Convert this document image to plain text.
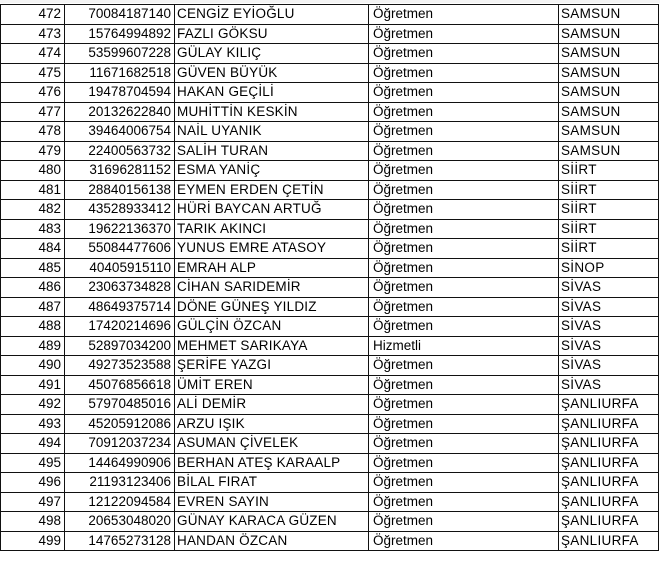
472	70084187140	CENGİZ EYİOĞLU	Öğretmen	SAMSUN
473	15764994892	FAZLI GÖKSU	Öğretmen	SAMSUN
474	53599607228	GÜLAY KILIÇ	Öğretmen	SAMSUN
475	11671682518	GÜVEN BÜYÜK	Öğretmen	SAMSUN
476	19478704594	HAKAN GEÇİLİ	Öğretmen	SAMSUN
477	20132622840	MUHİTTİN KESKİN	Öğretmen	SAMSUN
478	39464006754	NAİL UYANIK	Öğretmen	SAMSUN
479	22400563732	SALİH TURAN	Öğretmen	SAMSUN
480	31696281152	ESMA YANİÇ	Öğretmen	SİİRT
481	28840156138	EYMEN ERDEN ÇETİN	Öğretmen	SİİRT
482	43528933412	HÜRİ BAYCAN ARTUĞ	Öğretmen	SİİRT
483	19622136370	TARIK AKINCI	Öğretmen	SİİRT
484	55084477606	YUNUS EMRE ATASOY	Öğretmen	SİİRT
485	40405915110	EMRAH ALP	Öğretmen	SİNOP
486	23063734828	CİHAN SARIDEMİR	Öğretmen	SİVAS
487	48649375714	DÖNE GÜNEŞ YILDIZ	Öğretmen	SİVAS
488	17420214696	GÜLÇİN ÖZCAN	Öğretmen	SİVAS
489	52897034200	MEHMET SARIKAYA	Hizmetli	SİVAS
490	49273523588	ŞERİFE YAZGI	Öğretmen	SİVAS
491	45076856618	ÜMİT EREN	Öğretmen	SİVAS
492	57970485016	ALİ DEMİR	Öğretmen	ŞANLIURFA
493	45205912086	ARZU IŞIK	Öğretmen	ŞANLIURFA
494	70912037234	ASUMAN ÇİVELEK	Öğretmen	ŞANLIURFA
495	14464990906	BERHAN ATEŞ KARAALP	Öğretmen	ŞANLIURFA
496	21193123406	BİLAL FIRAT	Öğretmen	ŞANLIURFA
497	12122094584	EVREN SAYIN	Öğretmen	ŞANLIURFA
498	20653048020	GÜNAY KARACA GÜZEN	Öğretmen	ŞANLIURFA
499	14765273128	HANDAN ÖZCAN	Öğretmen	ŞANLIURFA
